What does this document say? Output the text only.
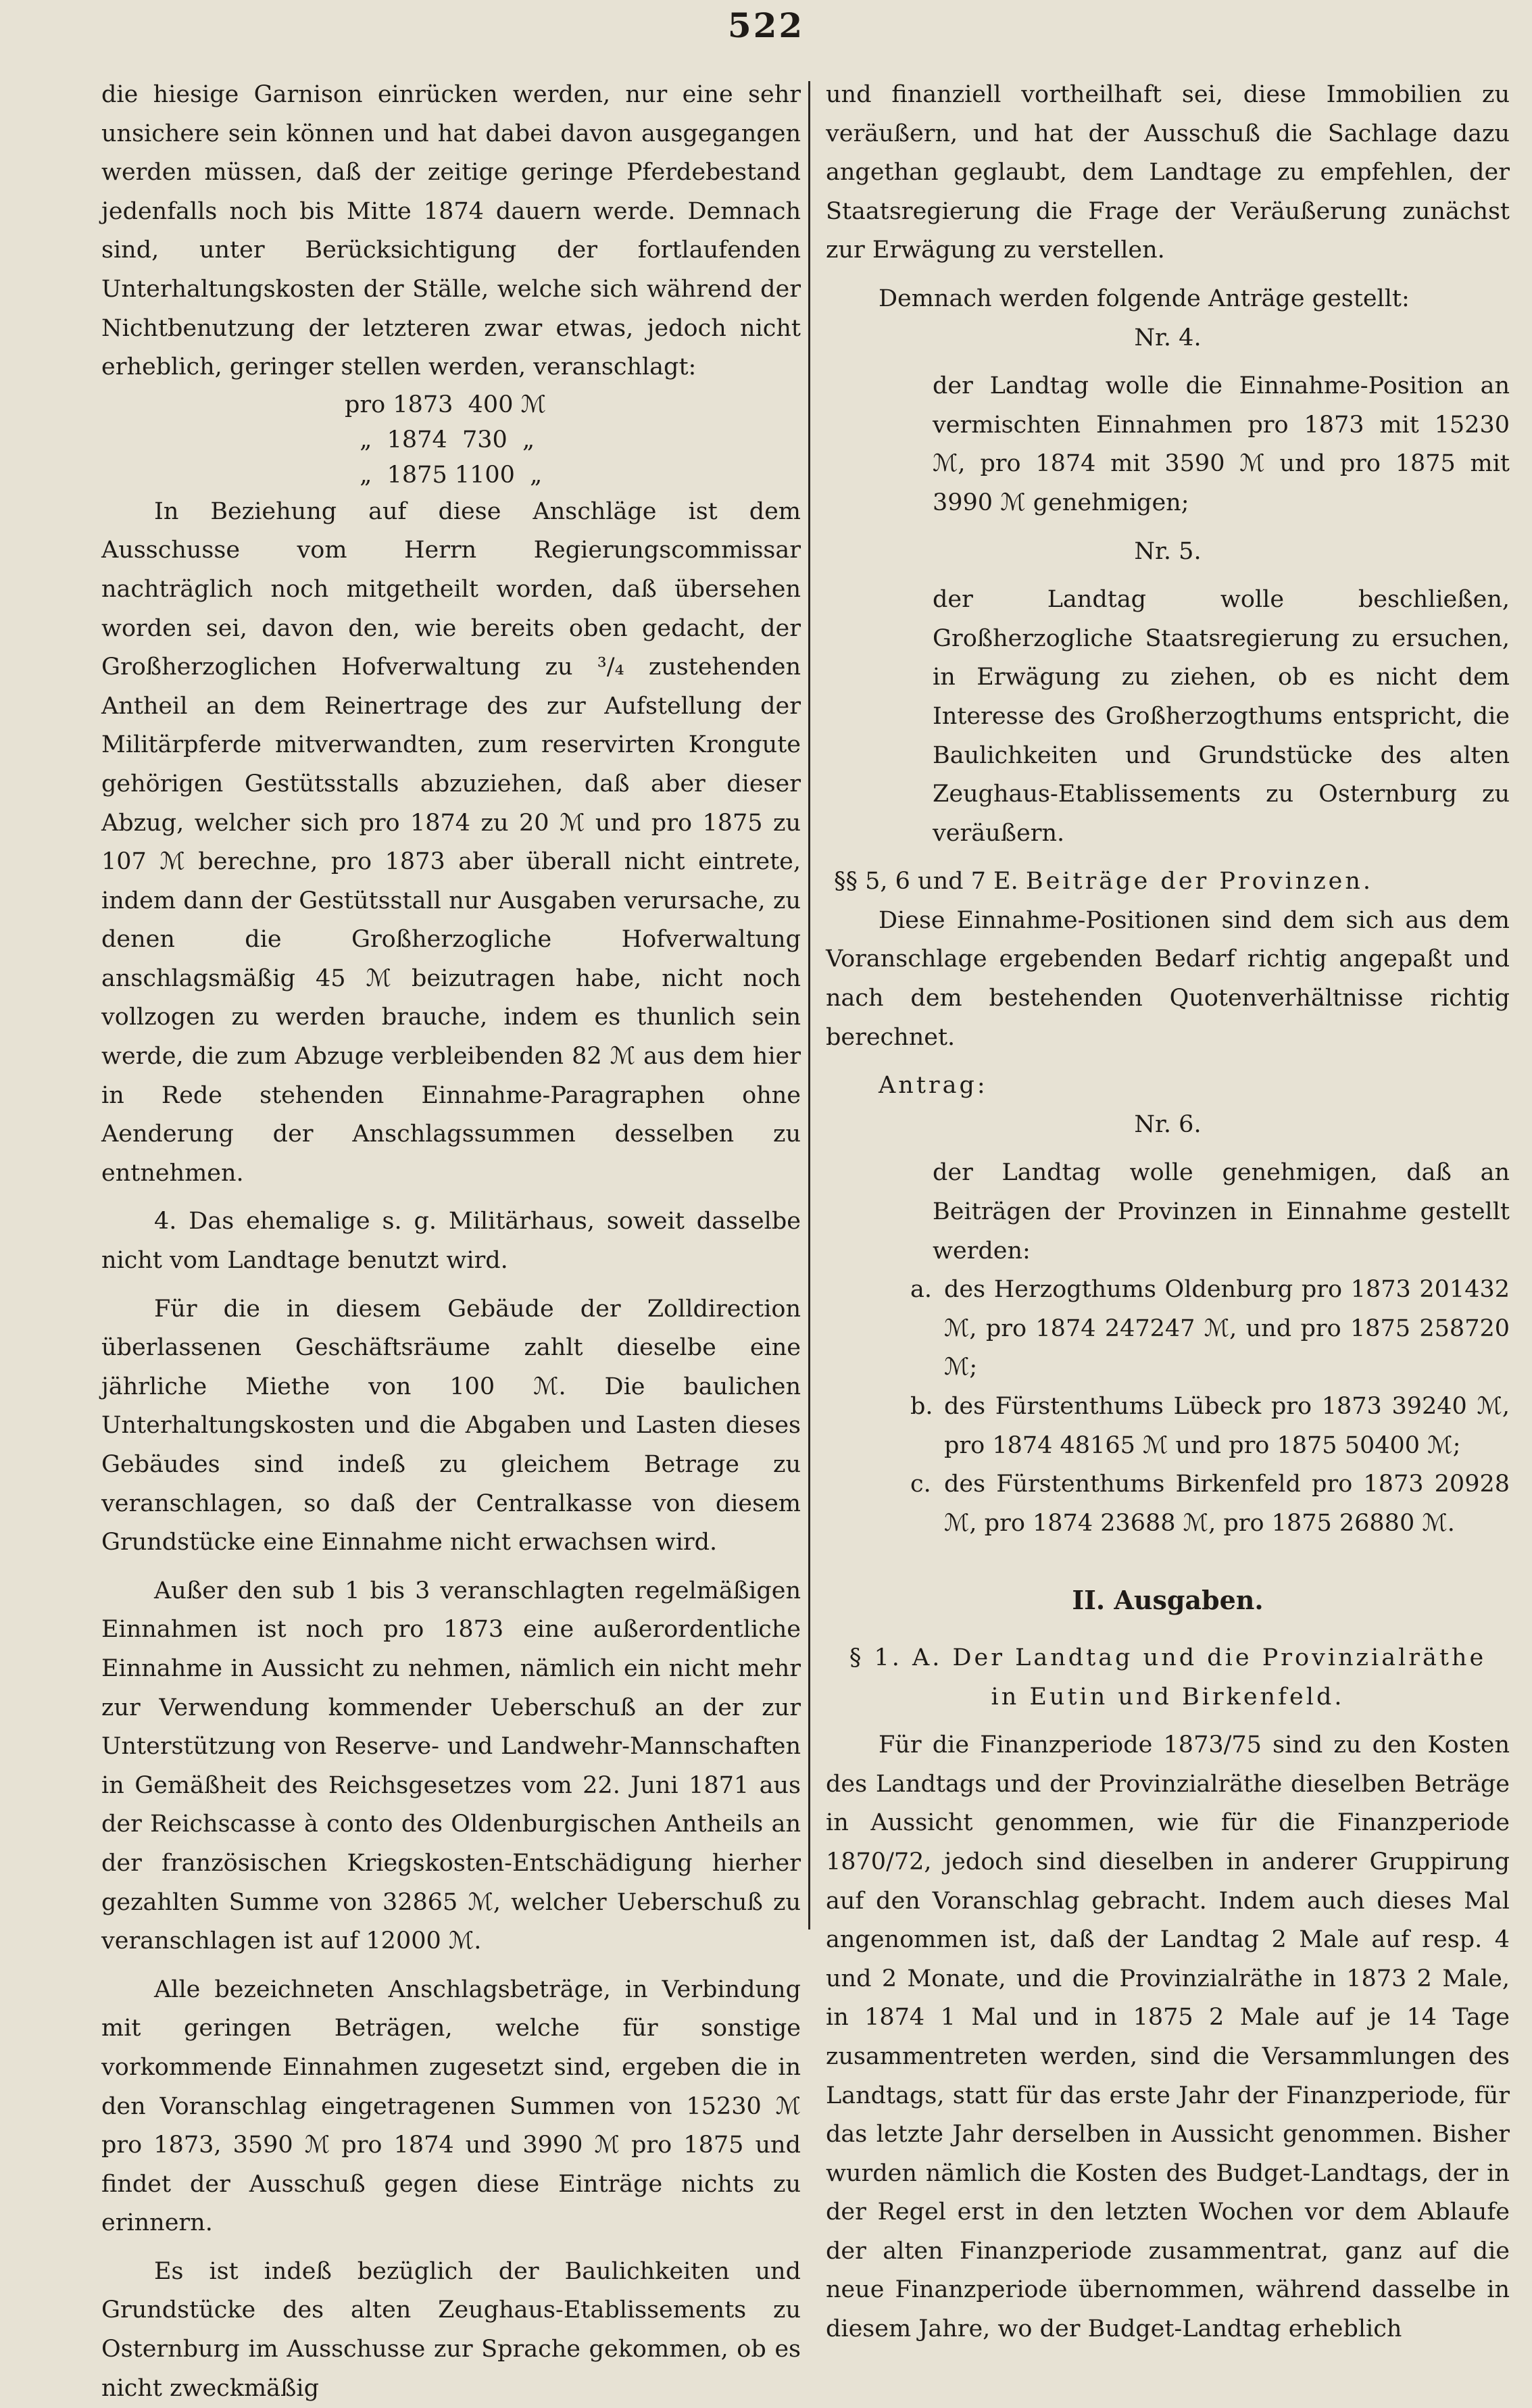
522

die hiesige Garnison einrücken werden, nur eine sehr unsichere sein können und hat dabei davon ausgegangen werden müssen, daß der zeitige geringe Pferdebestand jedenfalls noch bis Mitte 1874 dauern werde. Demnach sind, unter Berücksichtigung der fortlaufenden Unterhaltungskosten der Ställe, welche sich während der Nichtbenutzung der letzteren zwar etwas, jedoch nicht erheblich, geringer stellen werden, veranschlagt:

pro 1873  400 ℳ
„  1874  730  „
„  1875 1100  „

In Beziehung auf diese Anschläge ist dem Ausschusse vom Herrn Regierungscommissar nachträglich noch mitgetheilt worden, daß übersehen worden sei, davon den, wie bereits oben gedacht, der Großherzoglichen Hofverwaltung zu ³/₄ zustehenden Antheil an dem Reinertrage des zur Aufstellung der Militärpferde mitverwandten, zum reservirten Krongute gehörigen Gestütsstalls abzuziehen, daß aber dieser Abzug, welcher sich pro 1874 zu 20 ℳ und pro 1875 zu 107 ℳ berechne, pro 1873 aber überall nicht eintrete, indem dann der Gestütsstall nur Ausgaben verursache, zu denen die Großherzogliche Hofverwaltung anschlagsmäßig 45 ℳ beizutragen habe, nicht noch vollzogen zu werden brauche, indem es thunlich sein werde, die zum Abzuge verbleibenden 82 ℳ aus dem hier in Rede stehenden Einnahme-Paragraphen ohne Aenderung der Anschlagssummen desselben zu entnehmen.

4. Das ehemalige s. g. Militärhaus, soweit dasselbe nicht vom Landtage benutzt wird.

Für die in diesem Gebäude der Zolldirection überlassenen Geschäftsräume zahlt dieselbe eine jährliche Miethe von 100 ℳ. Die baulichen Unterhaltungskosten und die Abgaben und Lasten dieses Gebäudes sind indeß zu gleichem Betrage zu veranschlagen, so daß der Centralkasse von diesem Grundstücke eine Einnahme nicht erwachsen wird.

Außer den sub 1 bis 3 veranschlagten regelmäßigen Einnahmen ist noch pro 1873 eine außerordentliche Einnahme in Aussicht zu nehmen, nämlich ein nicht mehr zur Verwendung kommender Ueberschuß an der zur Unterstützung von Reserve- und Landwehr-Mannschaften in Gemäßheit des Reichsgesetzes vom 22. Juni 1871 aus der Reichscasse à conto des Oldenburgischen Antheils an der französischen Kriegskosten-Entschädigung hierher gezahlten Summe von 32865 ℳ, welcher Ueberschuß zu veranschlagen ist auf 12000 ℳ.

Alle bezeichneten Anschlagsbeträge, in Verbindung mit geringen Beträgen, welche für sonstige vorkommende Einnahmen zugesetzt sind, ergeben die in den Voranschlag eingetragenen Summen von 15230 ℳ pro 1873, 3590 ℳ pro 1874 und 3990 ℳ pro 1875 und findet der Ausschuß gegen diese Einträge nichts zu erinnern.

Es ist indeß bezüglich der Baulichkeiten und Grundstücke des alten Zeughaus-Etablissements zu Osternburg im Ausschusse zur Sprache gekommen, ob es nicht zweckmäßig

und finanziell vortheilhaft sei, diese Immobilien zu veräußern, und hat der Ausschuß die Sachlage dazu angethan geglaubt, dem Landtage zu empfehlen, der Staatsregierung die Frage der Veräußerung zunächst zur Erwägung zu verstellen.

Demnach werden folgende Anträge gestellt:

Nr. 4.

der Landtag wolle die Einnahme-Position an vermischten Einnahmen pro 1873 mit 15230 ℳ, pro 1874 mit 3590 ℳ und pro 1875 mit 3990 ℳ genehmigen;

Nr. 5.

der Landtag wolle beschließen, Großherzogliche Staatsregierung zu ersuchen, in Erwägung zu ziehen, ob es nicht dem Interesse des Großherzogthums entspricht, die Baulichkeiten und Grundstücke des alten Zeughaus-Etablissements zu Osternburg zu veräußern.

§§ 5, 6 und 7 E. Beiträge der Provinzen.

Diese Einnahme-Positionen sind dem sich aus dem Voranschlage ergebenden Bedarf richtig angepaßt und nach dem bestehenden Quotenverhältnisse richtig berechnet.

Antrag:

Nr. 6.

der Landtag wolle genehmigen, daß an Beiträgen der Provinzen in Einnahme gestellt werden:

a. des Herzogthums Oldenburg pro 1873 201432 ℳ, pro 1874 247247 ℳ, und pro 1875 258720 ℳ;

b. des Fürstenthums Lübeck pro 1873 39240 ℳ, pro 1874 48165 ℳ und pro 1875 50400 ℳ;

c. des Fürstenthums Birkenfeld pro 1873 20928 ℳ, pro 1874 23688 ℳ, pro 1875 26880 ℳ.

II. Ausgaben.

§ 1. A. Der Landtag und die Provinzialräthe

in Eutin und Birkenfeld.

Für die Finanzperiode 1873/75 sind zu den Kosten des Landtags und der Provinzialräthe dieselben Beträge in Aussicht genommen, wie für die Finanzperiode 1870/72, jedoch sind dieselben in anderer Gruppirung auf den Voranschlag gebracht. Indem auch dieses Mal angenommen ist, daß der Landtag 2 Male auf resp. 4 und 2 Monate, und die Provinzialräthe in 1873 2 Male, in 1874 1 Mal und in 1875 2 Male auf je 14 Tage zusammentreten werden, sind die Versammlungen des Landtags, statt für das erste Jahr der Finanzperiode, für das letzte Jahr derselben in Aussicht genommen. Bisher wurden nämlich die Kosten des Budget-Landtags, der in der Regel erst in den letzten Wochen vor dem Ablaufe der alten Finanzperiode zusammentrat, ganz auf die neue Finanzperiode übernommen, während dasselbe in diesem Jahre, wo der Budget-Landtag erheblich
